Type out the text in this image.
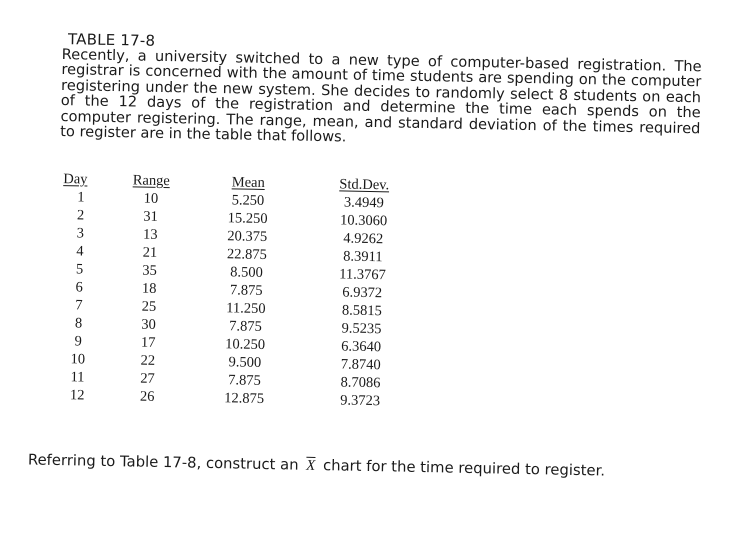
TABLE 17-8
Recently, a university switched to a new type of computer-based registration. The registrar is concerned with the amount of time students are spending on the computer registering under the new system. She decides to randomly select 8 students on each of the 12 days of the registration and determine the time each spends on the computer registering. The range, mean, and standard deviation of the times required to register are in the table that follows.
Day
1
2
3
4
5
6
7
8
9
10
11
12
Range
10
31
13
21
35
18
25
30
17
22
27
26
Mean
5.250
15.250
20.375
22.875
8.500
7.875
11.250
7.875
10.250
9.500
7.875
12.875
Std.Dev.
3.4949
10.3060
4.9262
8.3911
11.3767
6.9372
8.5815
9.5235
6.3640
7.8740
8.7086
9.3723
Referring to Table 17-8, construct an $\overline{X}$ chart for the time required to register.
